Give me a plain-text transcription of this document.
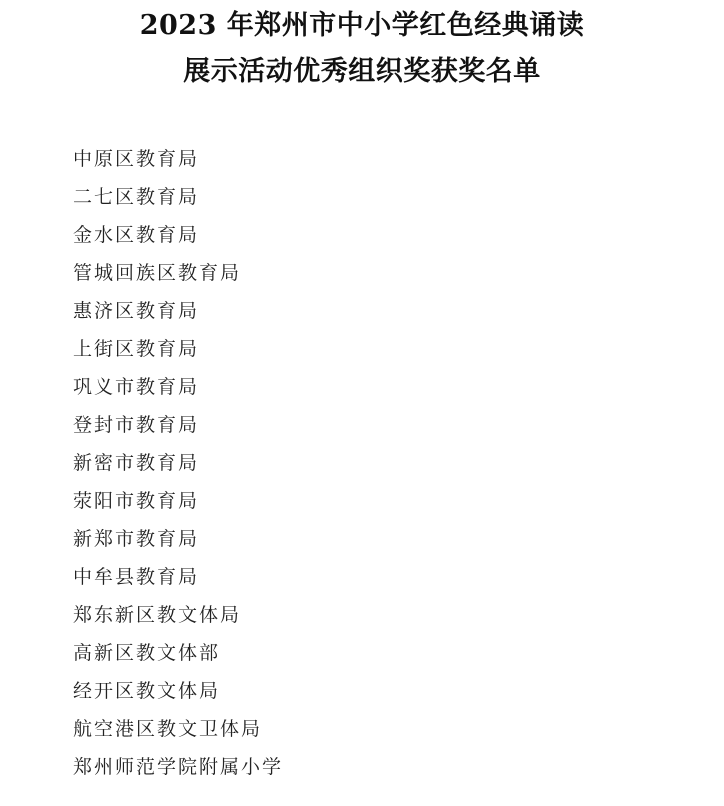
2023 年郑州市中小学红色经典诵读
展示活动优秀组织奖获奖名单
中原区教育局
二七区教育局
金水区教育局
管城回族区教育局
惠济区教育局
上街区教育局
巩义市教育局
登封市教育局
新密市教育局
荥阳市教育局
新郑市教育局
中牟县教育局
郑东新区教文体局
高新区教文体部
经开区教文体局
航空港区教文卫体局
郑州师范学院附属小学
